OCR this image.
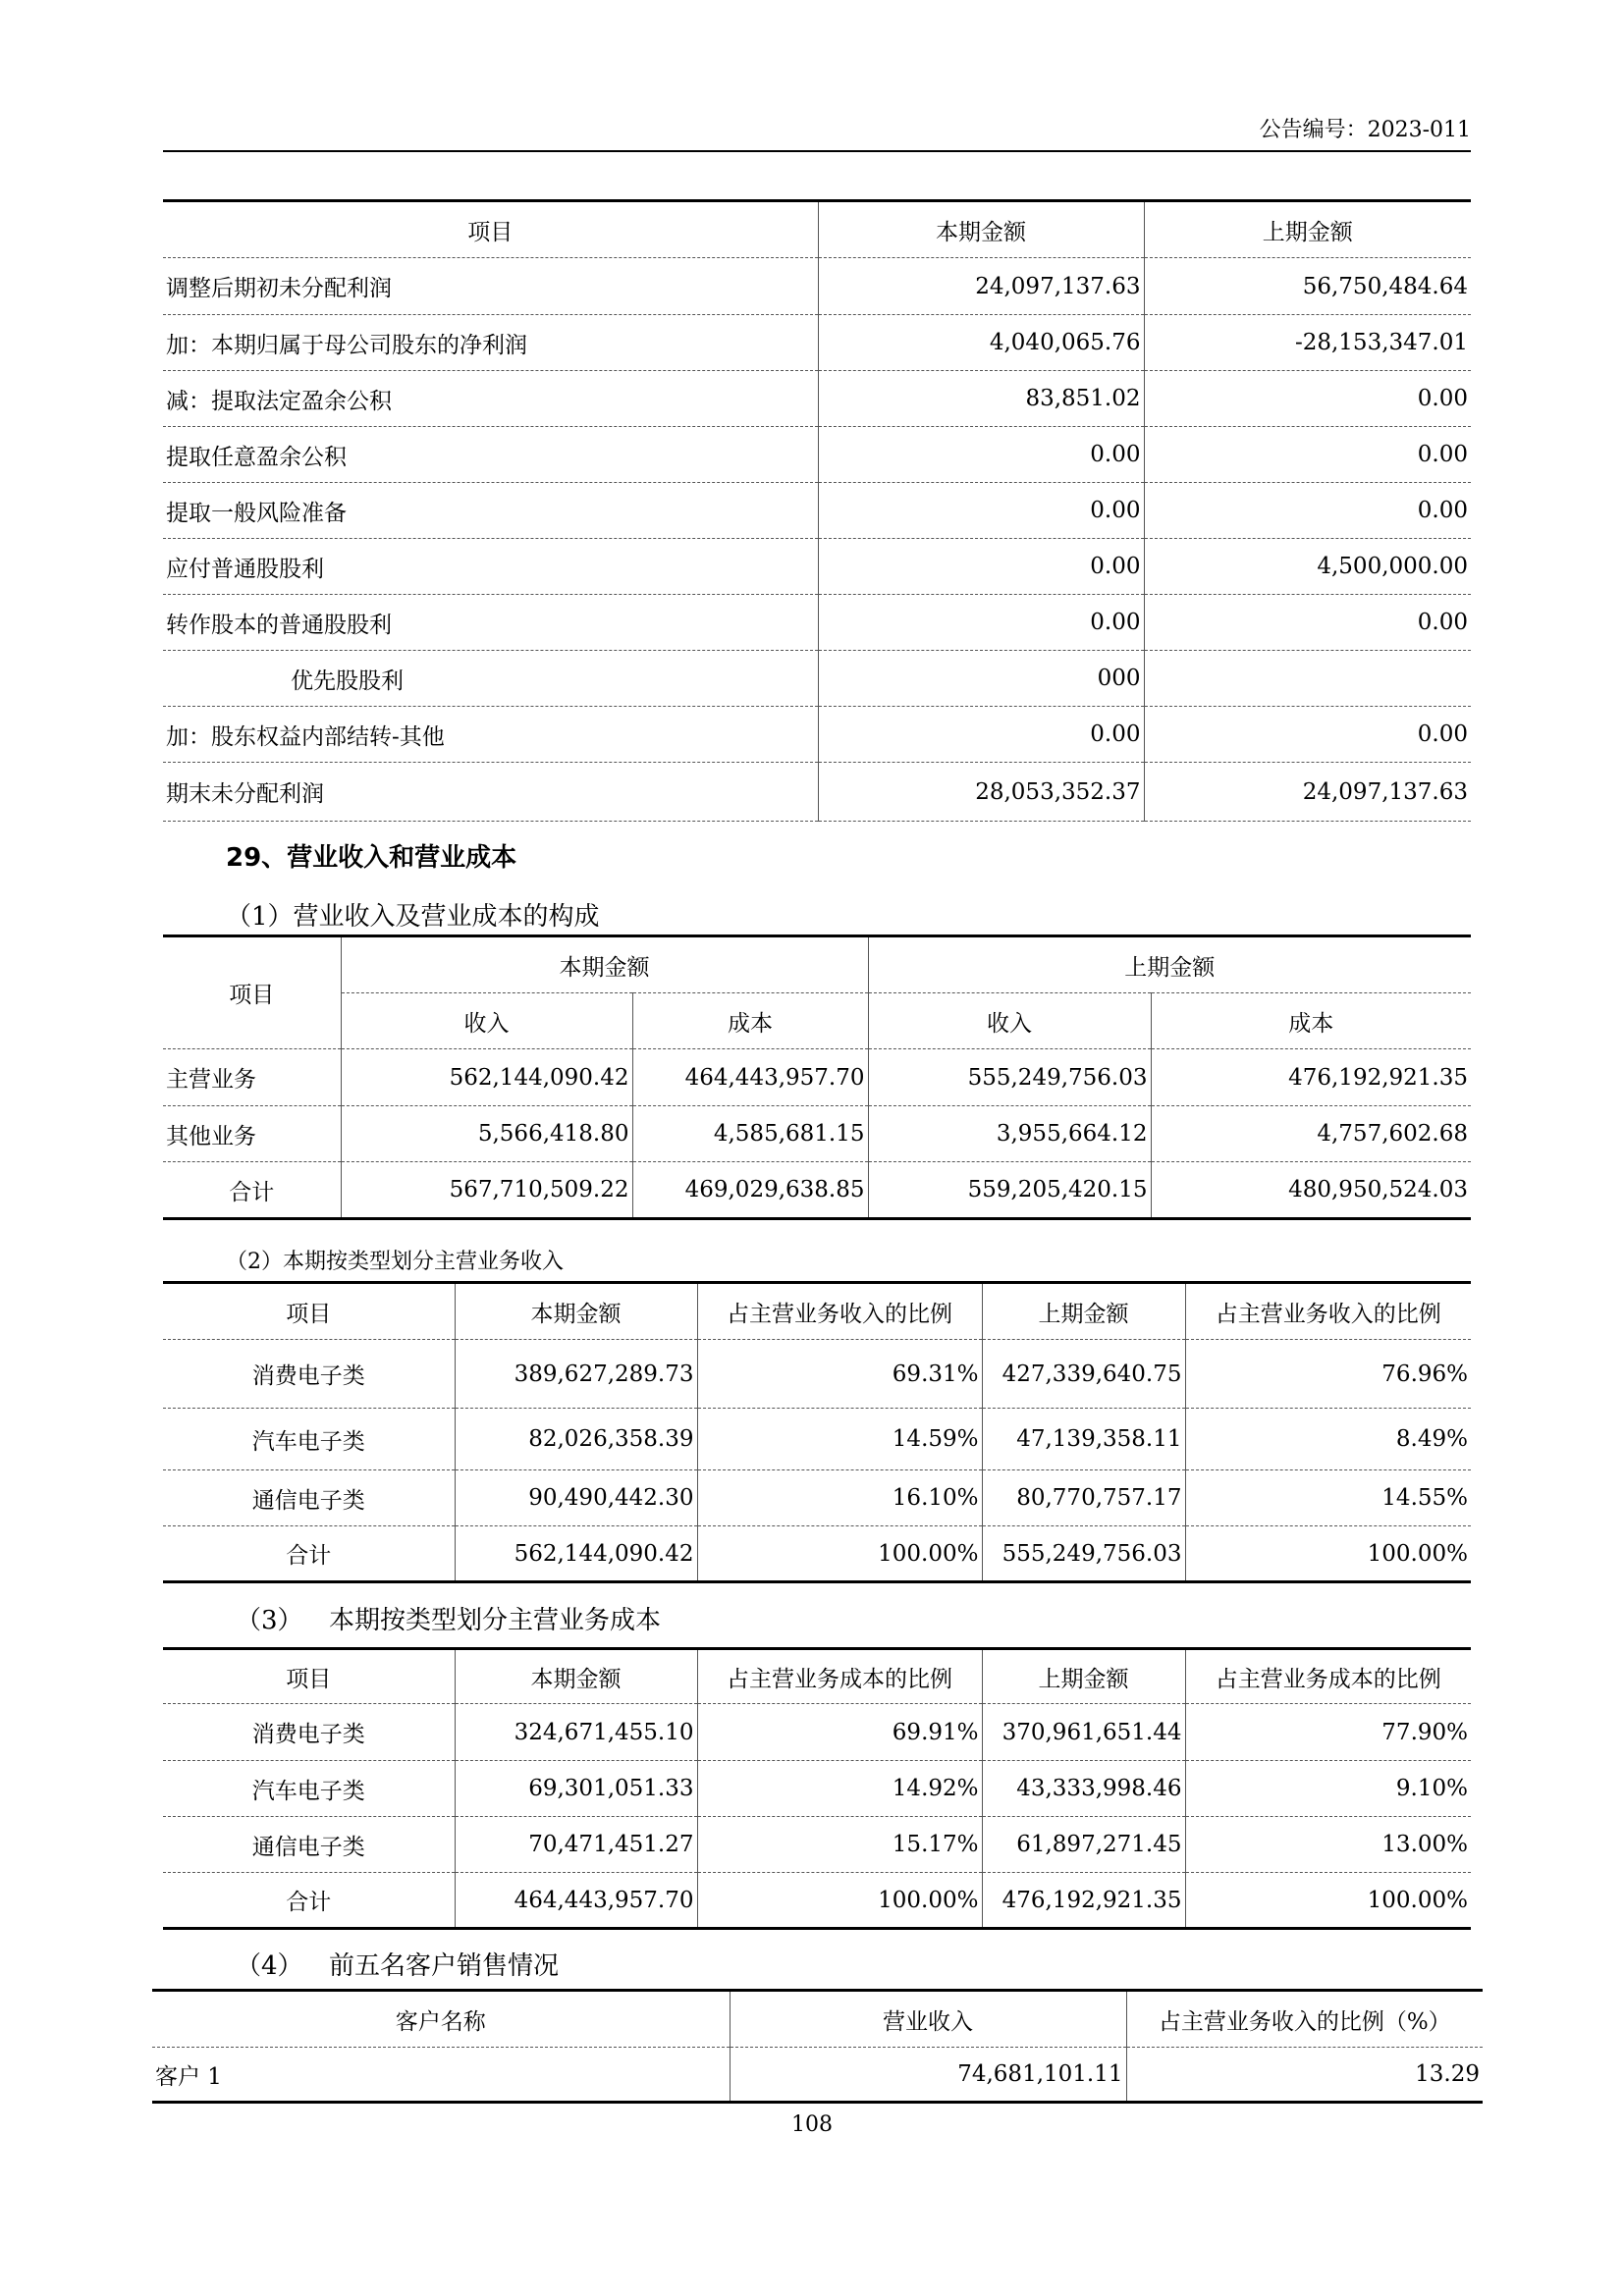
公告编号：2023-011
项目	本期金额	上期金额
调整后期初未分配利润	24,097,137.63	56,750,484.64
加：本期归属于母公司股东的净利润	4,040,065.76	-28,153,347.01
减：提取法定盈余公积	83,851.02	0.00
提取任意盈余公积	0.00	0.00
提取一般风险准备	0.00	0.00
应付普通股股利	0.00	4,500,000.00
转作股本的普通股股利	0.00	0.00
优先股股利	000	
加：股东权益内部结转-其他	0.00	0.00
期末未分配利润	28,053,352.37	24,097,137.63
29、营业收入和营业成本
（1）营业收入及营业成本的构成
项目	本期金额		上期金额	
	收入	成本	收入	成本
主营业务	562,144,090.42	464,443,957.70	555,249,756.03	476,192,921.35
其他业务	5,566,418.80	4,585,681.15	3,955,664.12	4,757,602.68
合计	567,710,509.22	469,029,638.85	559,205,420.15	480,950,524.03
（2）本期按类型划分主营业务收入
项目	本期金额	占主营业务收入的比例	上期金额	占主营业务收入的比例
消费电子类	389,627,289.73	69.31%	427,339,640.75	76.96%
汽车电子类	82,026,358.39	14.59%	47,139,358.11	8.49%
通信电子类	90,490,442.30	16.10%	80,770,757.17	14.55%
合计	562,144,090.42	100.00%	555,249,756.03	100.00%
（3） 本期按类型划分主营业务成本
项目	本期金额	占主营业务成本的比例	上期金额	占主营业务成本的比例
消费电子类	324,671,455.10	69.91%	370,961,651.44	77.90%
汽车电子类	69,301,051.33	14.92%	43,333,998.46	9.10%
通信电子类	70,471,451.27	15.17%	61,897,271.45	13.00%
合计	464,443,957.70	100.00%	476,192,921.35	100.00%
（4） 前五名客户销售情况
客户名称	营业收入	占主营业务收入的比例（%）
客户 1	74,681,101.11	13.29
108
